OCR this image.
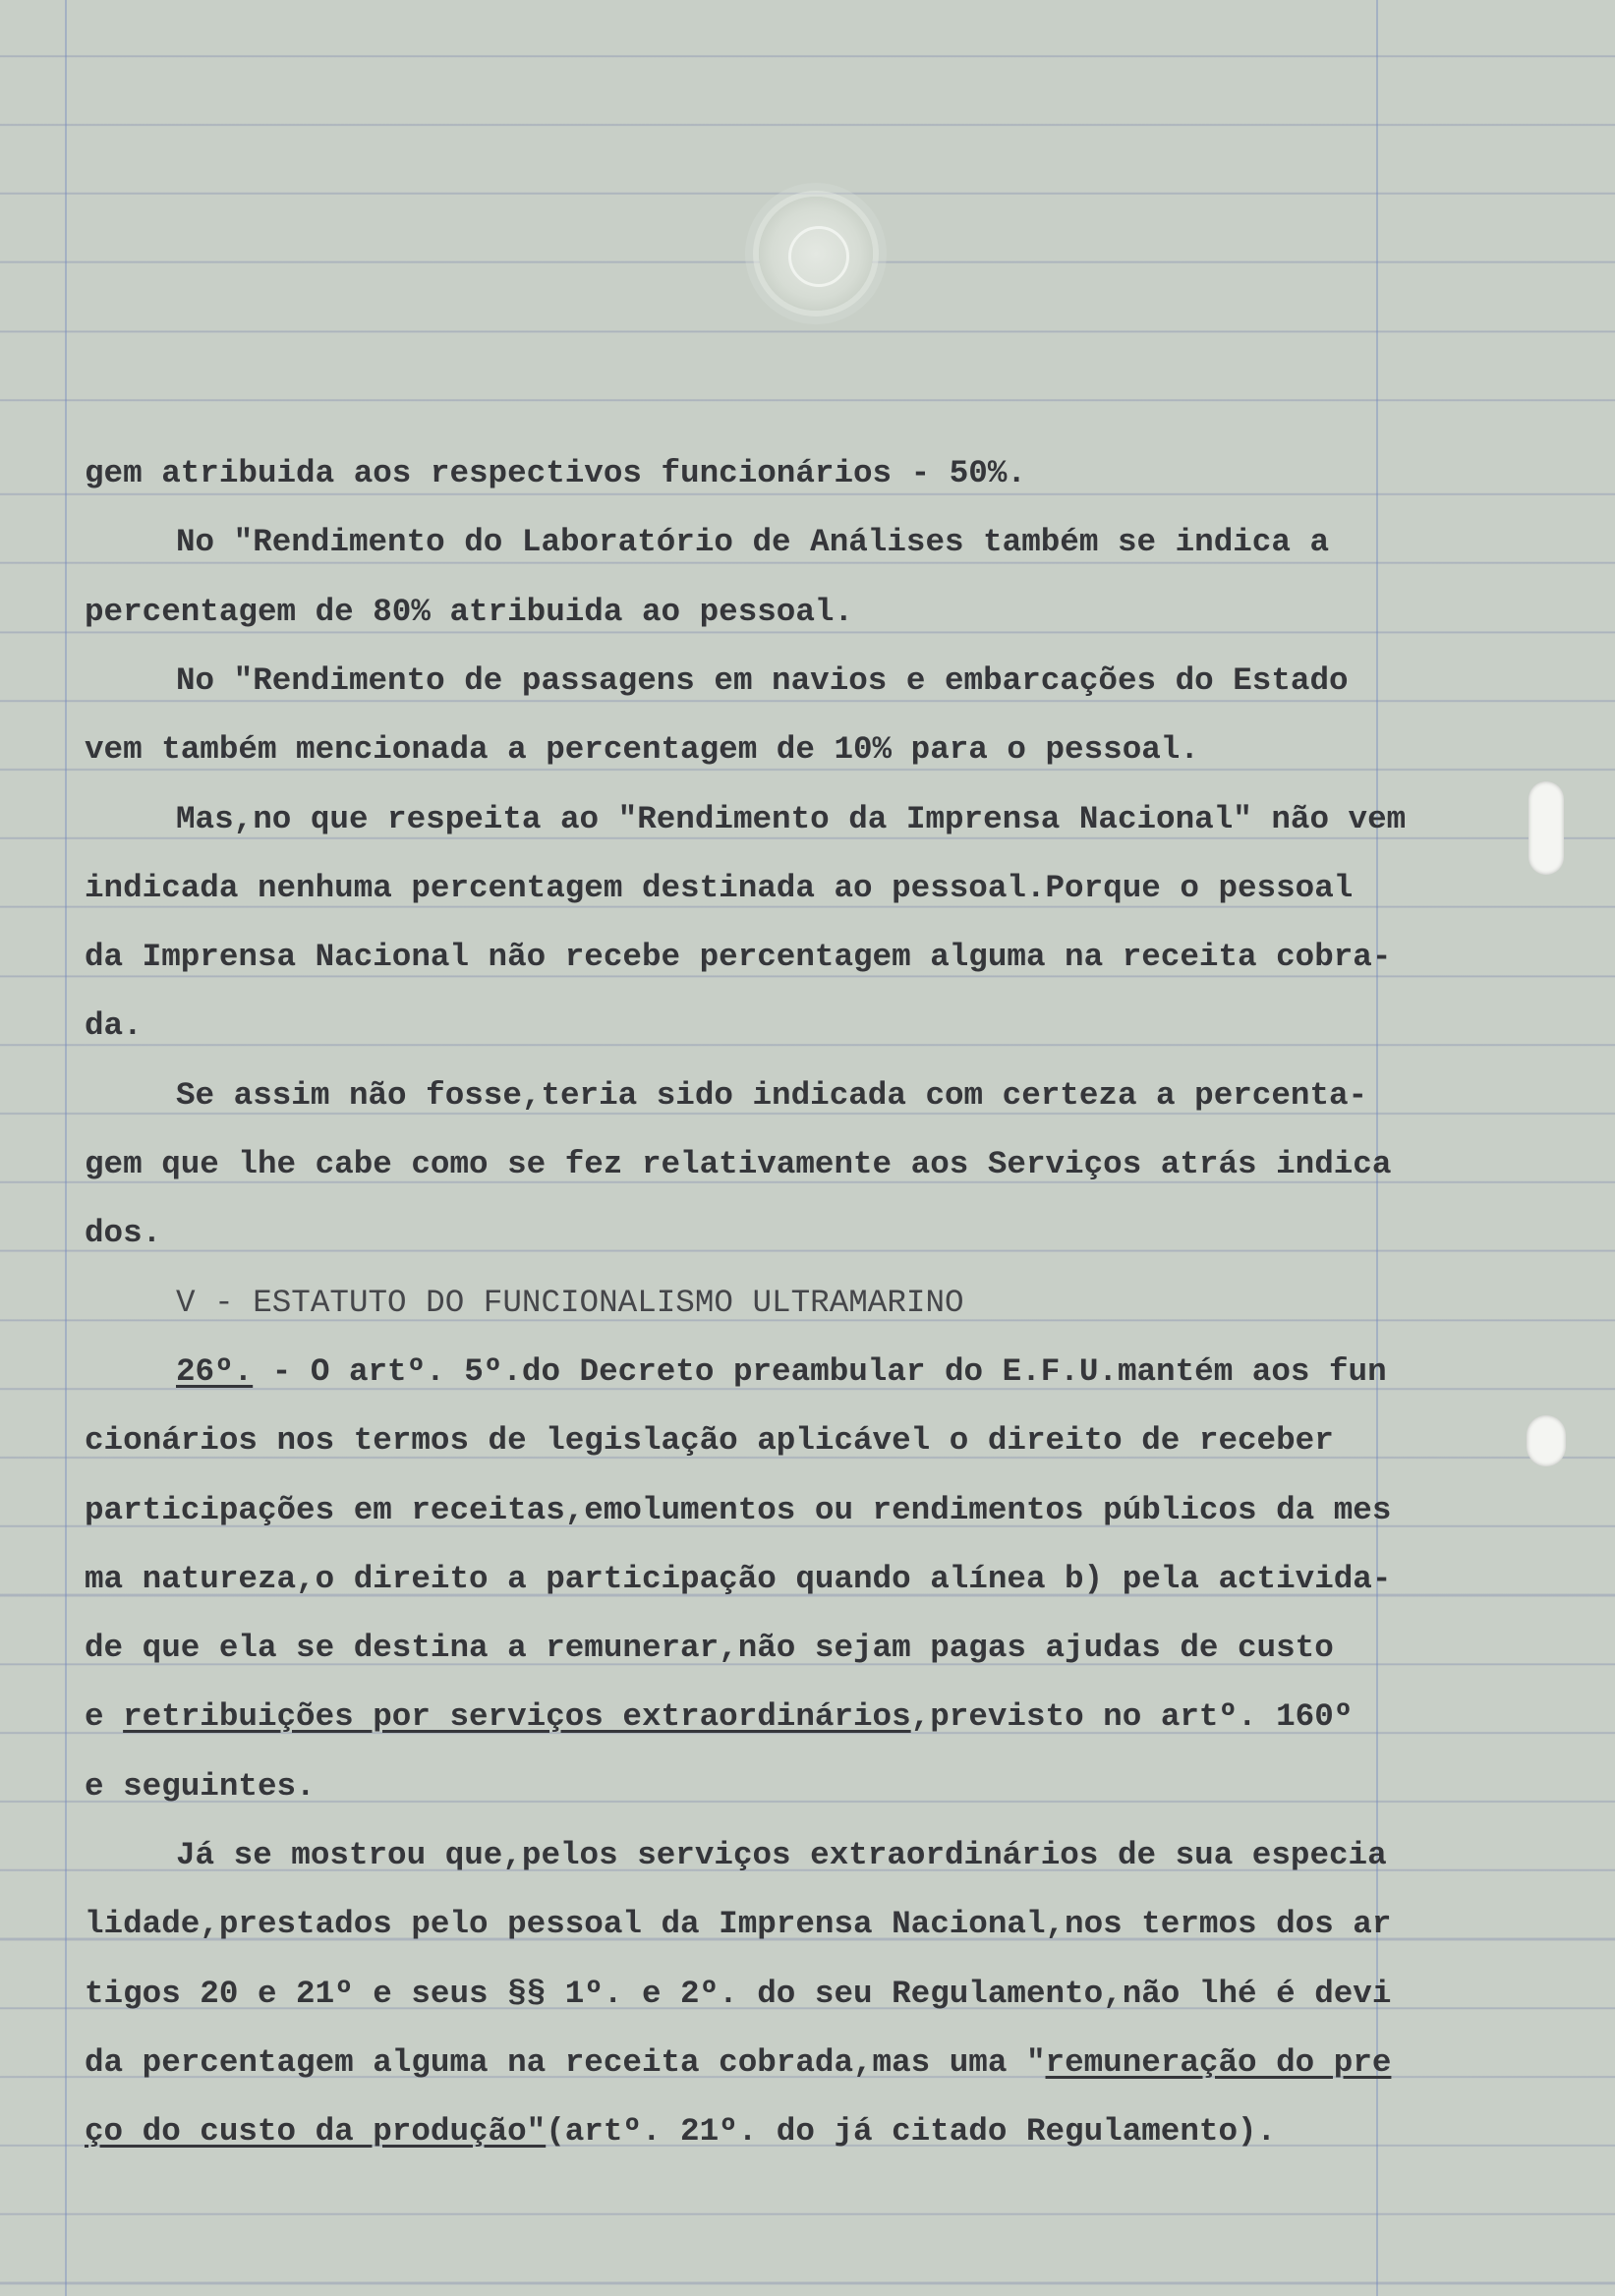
gem atribuida aos respectivos funcionários - 50%.
No "Rendimento do Laboratório de Análises também se indica a
percentagem de 80% atribuida ao pessoal.
No "Rendimento de passagens em navios e embarcações do Estado
vem também mencionada a percentagem de 10% para o pessoal.
Mas,no que respeita ao "Rendimento da Imprensa Nacional" não vem
indicada nenhuma percentagem destinada ao pessoal.Porque o pessoal
da Imprensa Nacional não recebe percentagem alguma na receita cobra-
da.
Se assim não fosse,teria sido indicada com certeza a percenta-
gem que lhe cabe como se fez relativamente aos Serviços atrás indica
dos.
V - ESTATUTO DO FUNCIONALISMO ULTRAMARINO
26º. - O artº. 5º.do Decreto preambular do E.F.U.mantém aos fun
cionários nos termos de legislação aplicável o direito de receber
participações em receitas,emolumentos ou rendimentos públicos da mes
ma natureza,o direito a participação quando alínea b) pela activida-
de que ela se destina a remunerar,não sejam pagas ajudas de custo
e retribuições por serviços extraordinários,previsto no artº. 160º
e seguintes.
Já se mostrou que,pelos serviços extraordinários de sua especia
lidade,prestados pelo pessoal da Imprensa Nacional,nos termos dos ar
tigos 20 e 21º e seus §§ 1º. e 2º. do seu Regulamento,não lhé é devi
da percentagem alguma na receita cobrada,mas uma "remuneração do pre
ço do custo da produção"(artº. 21º. do já citado Regulamento).
